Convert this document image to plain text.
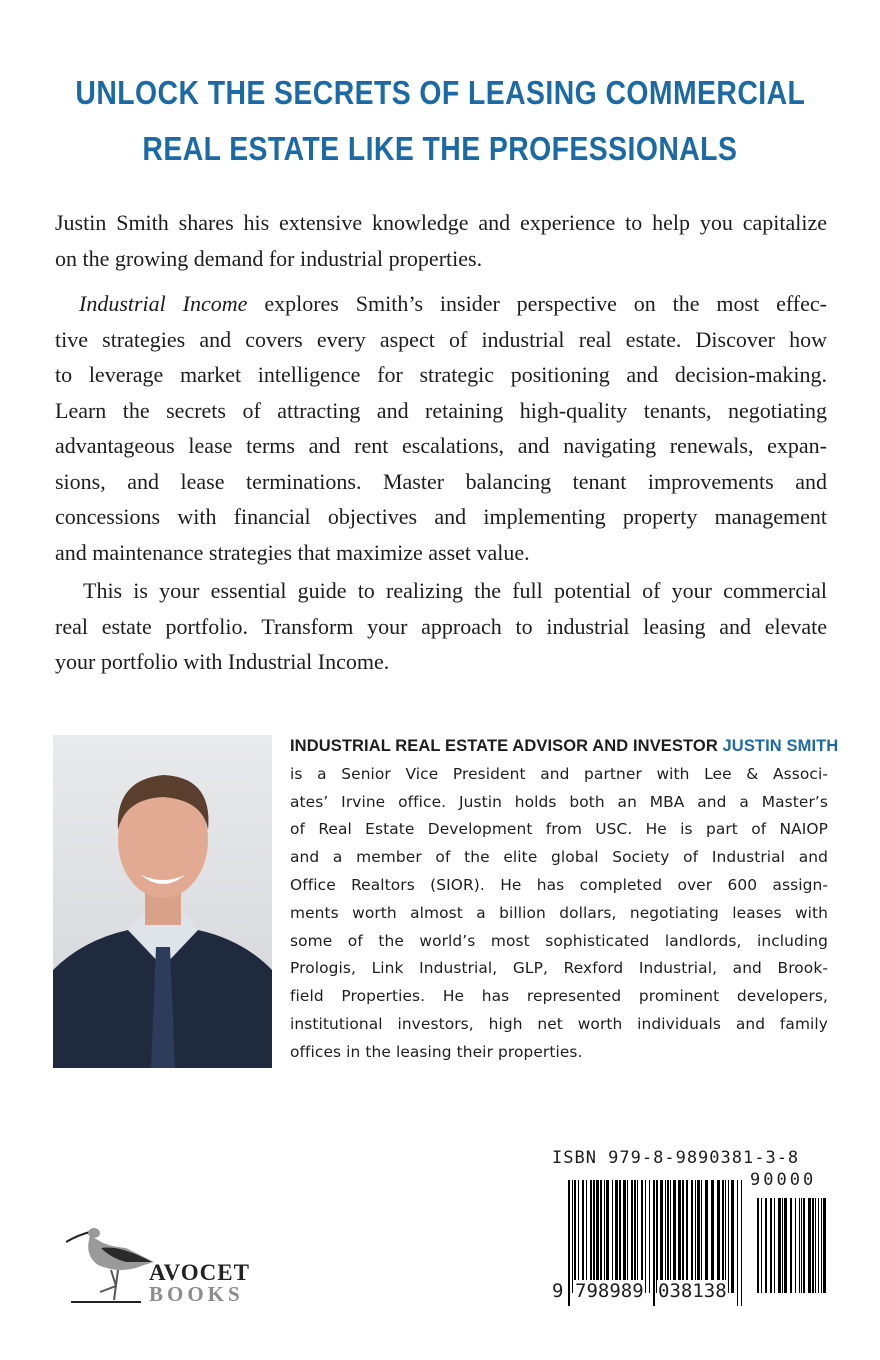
UNLOCK THE SECRETS OF LEASING COMMERCIAL
REAL ESTATE LIKE THE PROFESSIONALS
Justin Smith shares his extensive knowledge and experience to help you capitalize
on the growing demand for industrial properties.
Industrial Income explores Smith’s insider perspective on the most effec-
tive strategies and covers every aspect of industrial real estate. Discover how
to leverage market intelligence for strategic positioning and decision-making.
Learn the secrets of attracting and retaining high-quality tenants, negotiating
advantageous lease terms and rent escalations, and navigating renewals, expan-
sions, and lease terminations. Master balancing tenant improvements and
concessions with financial objectives and implementing property management
and maintenance strategies that maximize asset value.
This is your essential guide to realizing the full potential of your commercial
real estate portfolio. Transform your approach to industrial leasing and elevate
your portfolio with Industrial Income.
INDUSTRIAL REAL ESTATE ADVISOR AND INVESTOR JUSTIN SMITH
is a Senior Vice President and partner with Lee & Associ-
ates’ Irvine office. Justin holds both an MBA and a Master’s
of Real Estate Development from USC. He is part of NAIOP
and a member of the elite global Society of Industrial and
Office Realtors (SIOR). He has completed over 600 assign-
ments worth almost a billion dollars, negotiating leases with
some of the world’s most sophisticated landlords, including
Prologis, Link Industrial, GLP, Rexford Industrial, and Brook-
field Properties. He has represented prominent developers,
institutional investors, high net worth individuals and family
offices in the leasing their properties.
ISBN 979-8-9890381-3-8
90000
9 798989 038138
AVOCET
BOOKS
